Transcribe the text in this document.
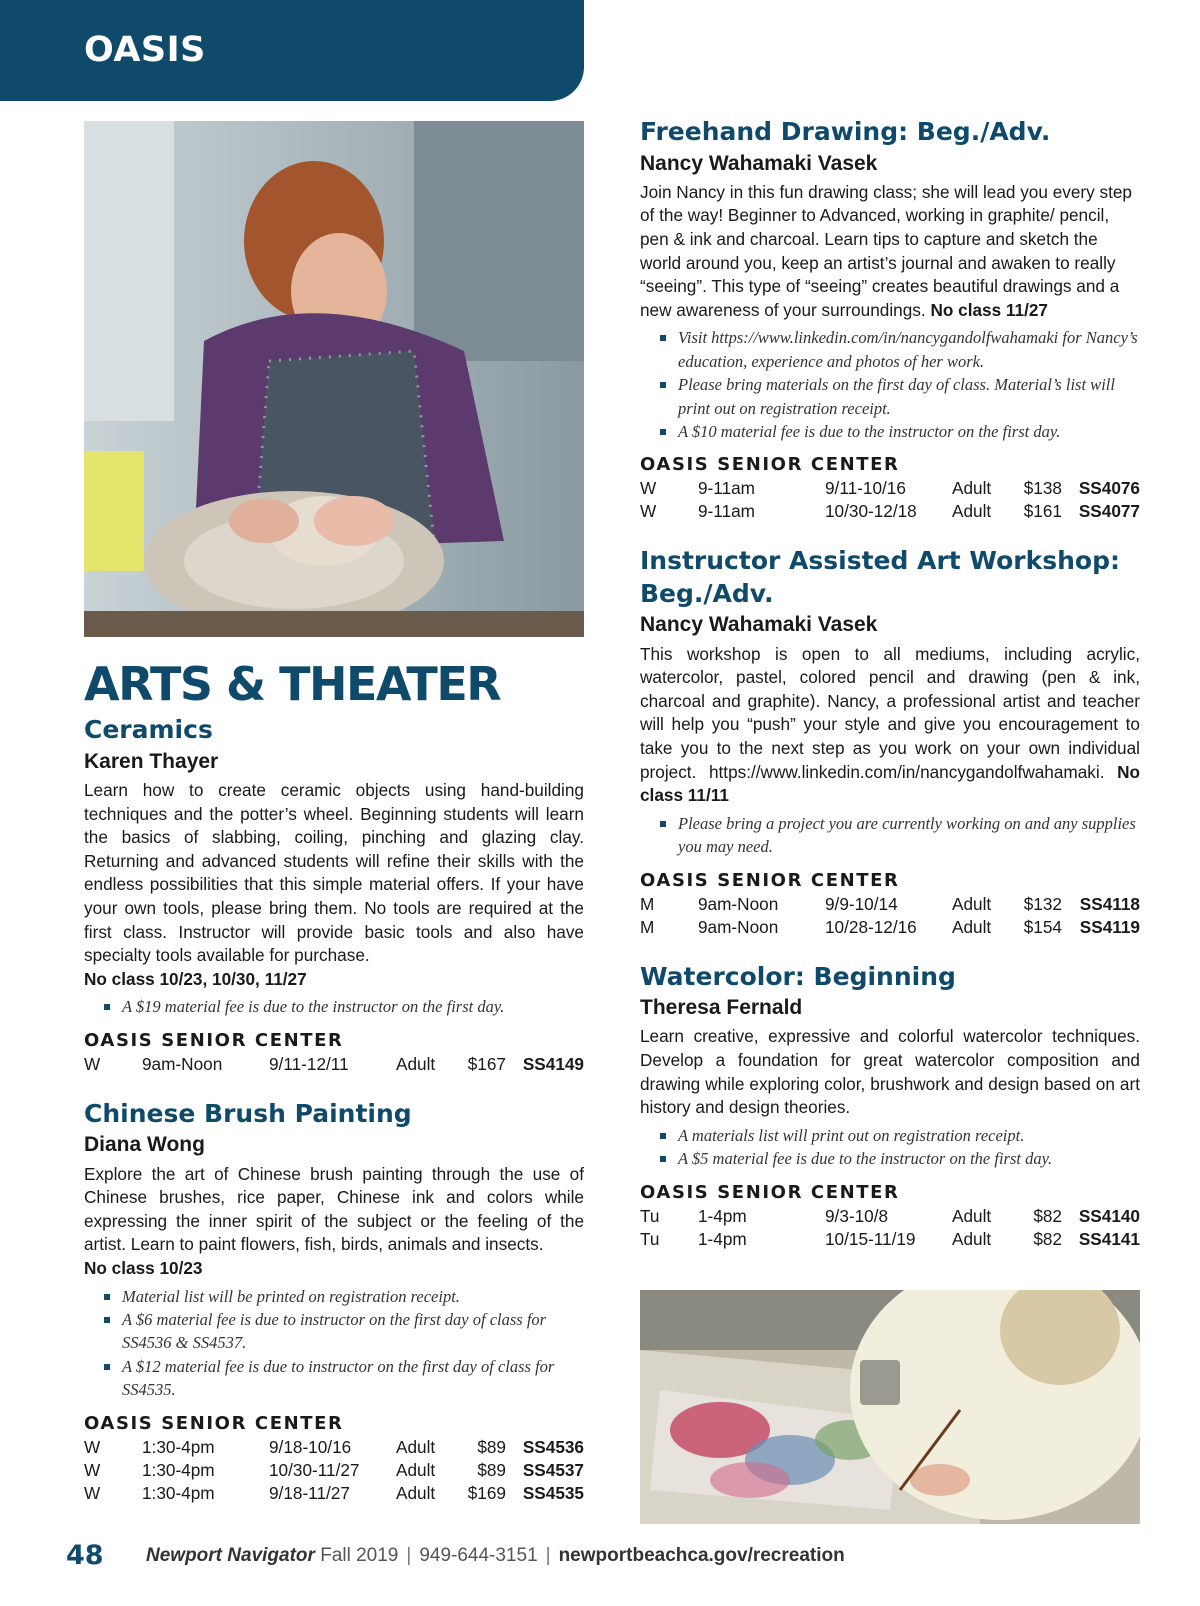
OASIS
ARTS & THEATER
Ceramics
Karen Thayer

Learn how to create ceramic objects using hand-building techniques and the potter’s wheel. Beginning students will learn the basics of slabbing, coiling, pinching and glazing clay. Returning and advanced students will refine their skills with the endless possibilities that this simple material offers. If your have your own tools, please bring them. No tools are required at the first class. Instructor will provide basic tools and also have specialty tools available for purchase.
No class 10/23, 10/30, 11/27

A $19 material fee is due to the instructor on the first day.
OASIS SENIOR CENTER
W	9am-Noon	9/11-12/11	Adult	$167	SS4149
Chinese Brush Painting
Diana Wong

Explore the art of Chinese brush painting through the use of Chinese brushes, rice paper, Chinese ink and colors while expressing the inner spirit of the subject or the feeling of the artist. Learn to paint flowers, fish, birds, animals and insects.
No class 10/23

Material list will be printed on registration receipt.
A $6 material fee is due to instructor on the first day of class for SS4536 & SS4537.
A $12 material fee is due to instructor on the first day of class for SS4535.
OASIS SENIOR CENTER
W	1:30-4pm	9/18-10/16	Adult	$89	SS4536
W	1:30-4pm	10/30-11/27	Adult	$89	SS4537
W	1:30-4pm	9/18-11/27	Adult	$169	SS4535
Freehand Drawing: Beg./Adv.
Nancy Wahamaki Vasek

Join Nancy in this fun drawing class; she will lead you every step of the way! Beginner to Advanced, working in graphite/ pencil, pen & ink and charcoal. Learn tips to capture and sketch the world around you, keep an artist’s journal and awaken to really “seeing”. This type of “seeing” creates beautiful drawings and a new awareness of your surroundings. No class 11/27

Visit https://www.linkedin.com/in/nancygandolfwahamaki for Nancy’s education, experience and photos of her work.
Please bring materials on the first day of class. Material’s list will print out on registration receipt.
A $10 material fee is due to the instructor on the first day.
OASIS SENIOR CENTER
W	9-11am	9/11-10/16	Adult	$138	SS4076
W	9-11am	10/30-12/18	Adult	$161	SS4077
Instructor Assisted Art Workshop: Beg./Adv.
Nancy Wahamaki Vasek

This workshop is open to all mediums, including acrylic, watercolor, pastel, colored pencil and drawing (pen & ink, charcoal and graphite). Nancy, a professional artist and teacher will help you “push” your style and give you encouragement to take you to the next step as you work on your own individual project. https://www.linkedin.com/in/nancygandolfwahamaki. No class 11/11

Please bring a project you are currently working on and any supplies you may need.
OASIS SENIOR CENTER
M	9am-Noon	9/9-10/14	Adult	$132	SS4118
M	9am-Noon	10/28-12/16	Adult	$154	SS4119
Watercolor: Beginning
Theresa Fernald

Learn creative, expressive and colorful watercolor techniques. Develop a foundation for great watercolor composition and drawing while exploring color, brushwork and design based on art history and design theories.

A materials list will print out on registration receipt.
A $5 material fee is due to the instructor on the first day.
OASIS SENIOR CENTER
Tu	1-4pm	9/3-10/8	Adult	$82	SS4140
Tu	1-4pm	10/15-11/19	Adult	$82	SS4141
48 Newport Navigator Fall 2019 | 949-644-3151 | newportbeachca.gov/recreation
